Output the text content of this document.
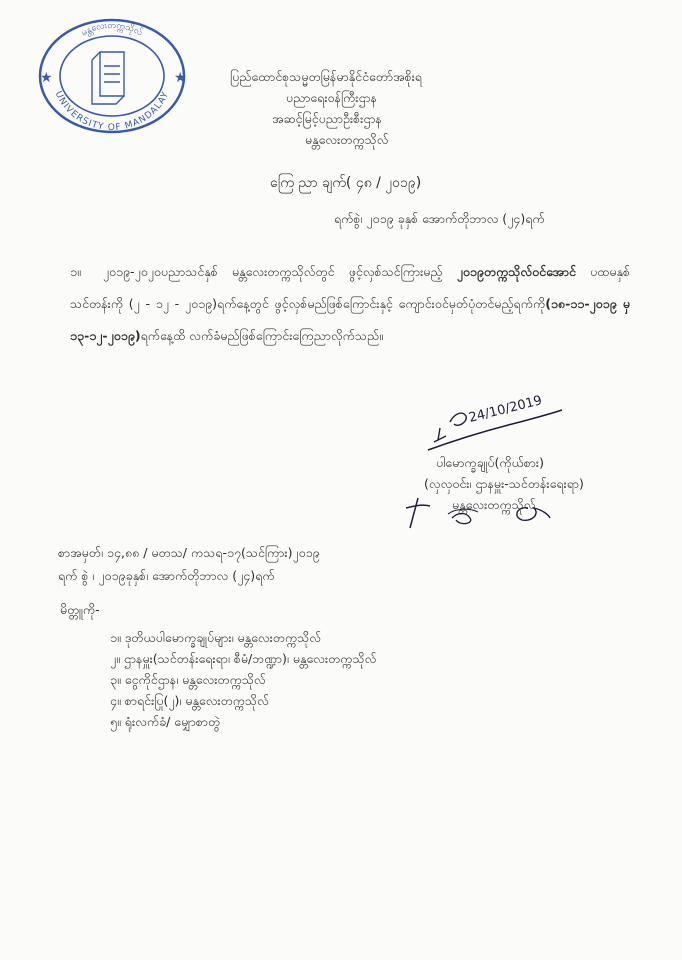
မန္တလေးတက္ကသိုလ်
UNIVERSITY OF MANDALAY
★	★	ပြည်ထောင်စုသမ္မတမြန်မာနိုင်ငံတော်အစိုးရ
ပညာရေးဝန်ကြီးဌာန
အဆင့်မြင့်ပညာဦးစီးဌာန
မန္တလေးတက္ကသိုလ်
ကြေ ညာ ချက်( ၄၈ / ၂၀၁၉)
ရက်စွဲ၊ ၂၀၁၉ ခုနှစ် အောက်တိုဘာလ (၂၄)ရက်
၁။ ၂၀၁၉-၂၀၂၀ပညာသင်နှစ် မန္တလေးတက္ကသိုလ်တွင် ဖွင့်လှစ်သင်ကြားမည့် ၂၀၁၉တက္ကသိုလ်ဝင်အောင် ပထမနှစ် သင်တန်းကို (၂ - ၁၂ - ၂၀၁၉)ရက်နေ့တွင် ဖွင့်လှစ်မည်ဖြစ်ကြောင်းနှင့် ကျောင်းဝင်မှတ်ပုံတင်မည့်ရက်ကို(၁၈-၁၁-၂၀၁၉ မှ ၁၃-၁၂-၂၀၁၉)ရက်နေ့ထိ လက်ခံမည်ဖြစ်ကြောင်းကြေညာလိုက်သည်။
24/10/2019
ပါမောက္ခချုပ်(ကိုယ်စား)
(လှလှဝင်း၊ ဌာနမှူး-သင်တန်းရေးရာ)
မန္တလေးတက္ကသိုလ်
စာအမှတ်၊ ၁၄,၈၈ / မတသ/ ကသရ-၁၇(သင်ကြား)၂၀၁၉
ရက် စွဲ ၊ ၂၀၁၉ခုနှစ်၊ အောက်တိုဘာလ (၂၄)ရက်
မိတ္တူကို-
၁။ ဒုတိယပါမောက္ခချုပ်များ၊ မန္တလေးတက္ကသိုလ်
၂။ ဌာနမှူး(သင်တန်းရေးရာ၊ စီမံ/ဘဏ္ဍာ)၊ မန္တလေးတက္ကသိုလ်
၃။ ငွေကိုင်ဌာန၊ မန္တလေးတက္ကသိုလ်
၄။ စာရင်းပြု(၂)၊ မန္တလေးတက္ကသိုလ်
၅။ ရုံးလက်ခံ/ မျှောစာတွဲ
